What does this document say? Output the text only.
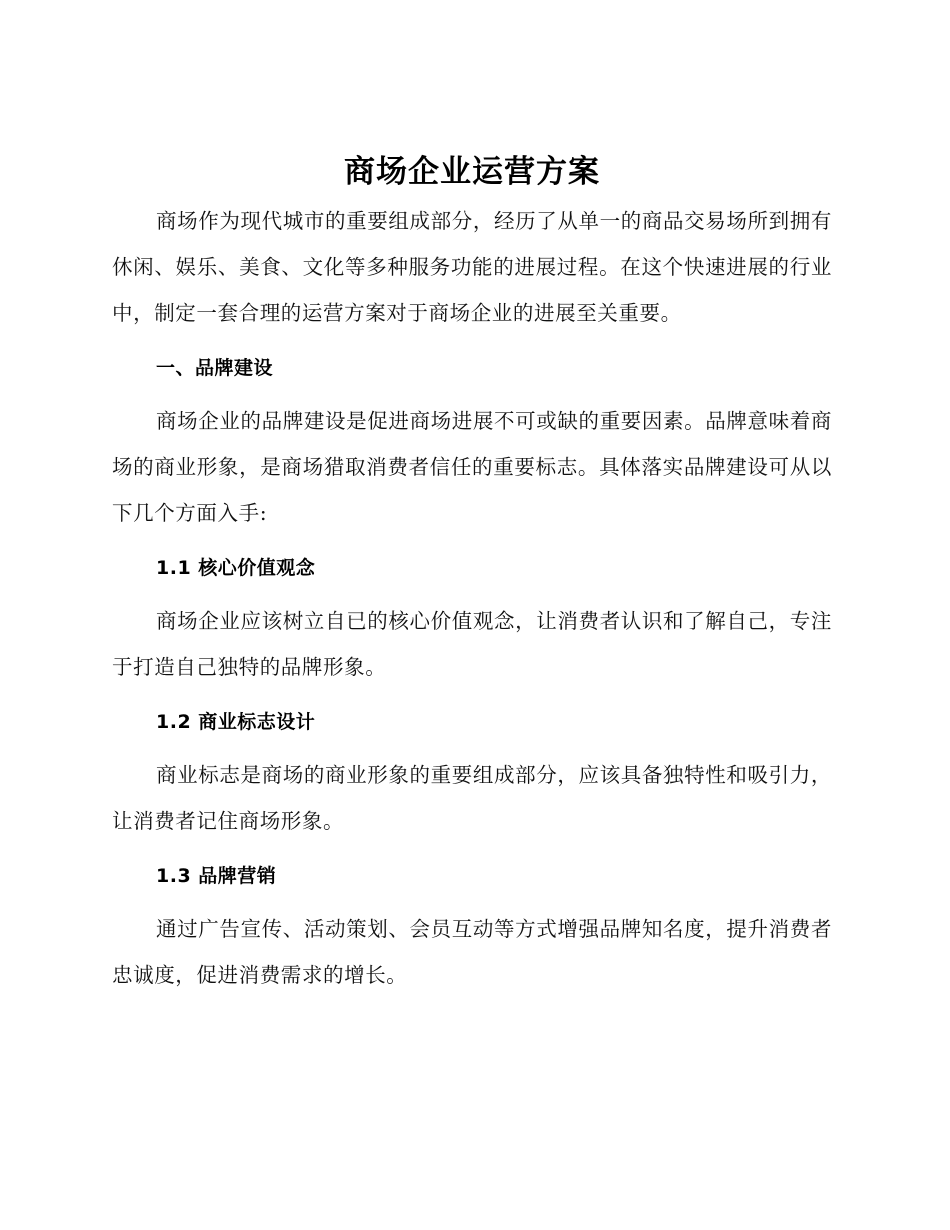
商场企业运营方案

商场作为现代城市的重要组成部分，经历了从单一的商品交易场所到拥有休闲、娱乐、美食、文化等多种服务功能的进展过程。在这个快速进展的行业中，制定一套合理的运营方案对于商场企业的进展至关重要。

一、品牌建设

商场企业的品牌建设是促进商场进展不可或缺的重要因素。品牌意味着商场的商业形象，是商场猎取消费者信任的重要标志。具体落实品牌建设可从以下几个方面入手:

1.1 核心价值观念

商场企业应该树立自已的核心价值观念，让消费者认识和了解自己，专注于打造自己独特的品牌形象。

1.2 商业标志设计

商业标志是商场的商业形象的重要组成部分，应该具备独特性和吸引力，让消费者记住商场形象。

1.3 品牌营销

通过广告宣传、活动策划、会员互动等方式增强品牌知名度，提升消费者忠诚度，促进消费需求的增长。
